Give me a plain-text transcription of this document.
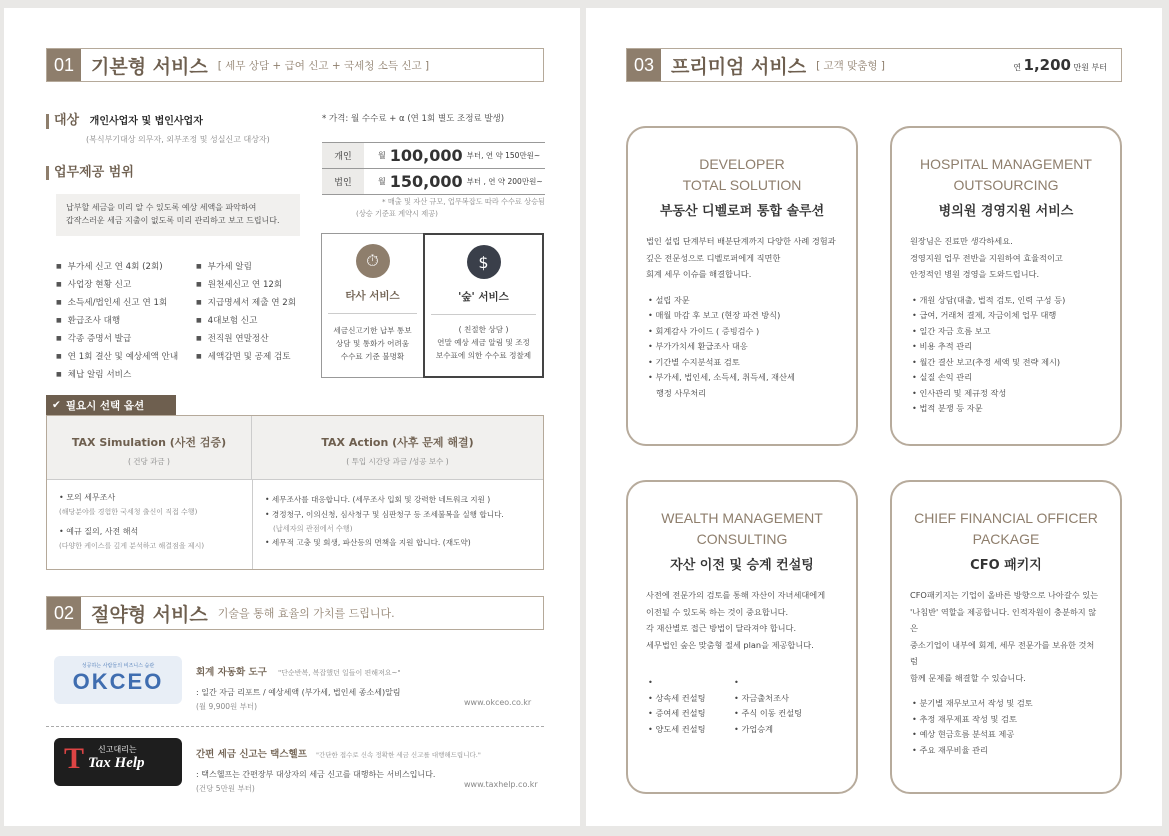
01 기본형 서비스 [ 세무 상담 + 급여 신고 + 국세청 소득 신고 ]
대상 개인사업자 및 법인사업자
(복식부기대상 의무자, 외부조정 및 성실신고 대상자)
업무제공 범위
납부할 세금을 미리 알 수 있도록 예상 세액을 파악하여
갑작스러운 세금 지출이 없도록 미리 관리하고 보고 드립니다.
* 가격: 월 수수료 + α (연 1회 별도 조정료 발생)
* 매출 및 자산 규모, 업무복잡도 따라 수수료 상승됨
(상승 기준표 계약시 제공)
⏱
타사 서비스
세금신고기한 납부 통보
상담 및 통화가 어려움
수수료 기준 불명확
$
'숲' 서비스
( 친절한 상담 )
연말 예상 세금 알림 및 조정
보수표에 의한 수수료 정찰제
✔ 필요시 선택 옵션
TAX Simulation (사전 검증)
( 건당 과금 )
TAX Action (사후 문제 해결)
( 투입 시간당 과금 /성공 보수 )
• 모의 세무조사
(해당분야를 경험한 국세청 출신이 직접 수행)
• 예규 질의, 사전 해석
(다양한 케이스를 깊게 분석하고 해결점을 제시)
• 세무조사를 대응합니다. (세무조사 입회 및 강력한 네트워크 지원 )
• 경정청구, 이의신청, 심사청구 및 심판청구 등 조세불복을 실행 합니다.
(납세자의 관점에서 수행)
• 세무적 고충 및 회생, 파산등의 면책을 지원 합니다. (재도약)
02 절약형 서비스 기술을 통해 효율의 가치를 드립니다.
성공하는 사람들의 비즈니스 습관
OKCEO	회계 자동화 도구 "단순반복, 복잡했던 일들이 편해져요~"
: 일간 자금 리포트 / 예상세액 (부가세, 법인세 종소세)알림
(월 9,900원 부터)	www.okceo.co.kr
T 신고대리는
Tax Help
간편 세금 신고는 택스헬프 "간단한 접수로 신속 정확한 세금 신고를 대행해드립니다."
: 택스헬프는 간편장부 대상자의 세금 신고를 대행하는 서비스입니다.
(건당 5만원 부터)	www.taxhelp.co.kr
■ 부가세 신고 연 4회 (2회)
■ 사업장 현황 신고
■ 소득세/법인세 신고 연 1회
■ 환급조사 대행
■ 각종 증명서 발급
■ 연 1회 결산 및 예상세액 안내
■ 체납 알림 서비스
■ 부가세 알림
■ 원천세신고 연 12회
■ 지급명세서 제출 연 2회
■ 4대보험 신고
■ 전직원 연말정산
■ 세액감면 및 공제 검토
개인	월 100,000 부터, 연 약 150만원~
법인	월 150,000 부터 , 연 약 200만원~
03 프리미엄 서비스 [ 고객 맞춤형 ]	연 1,200 만원 부터
DEVELOPER
TOTAL SOLUTION
부동산 디벨로퍼 통합 솔루션
법인 설립 단계부터 배분단계까지 다양한 사례 경험과
깊은 전문성으로 디벨로퍼에게 직면한
회계 세무 이슈를 해결합니다.
• 설립 자문
• 매월 마감 후 보고 (현장 파견 방식)
• 회계감사 가이드 ( 증빙검수 )
• 부가가치세 환급조사 대응
• 기간별 수지분석표 검토
• 부가세, 법인세, 소득세, 취득세, 재산세
행정 사무처리
HOSPITAL MANAGEMENT
OUTSOURCING
병의원 경영지원 서비스
원장님은 진료만 생각하세요.
경영지원 업무 전반을 지원하여 효율적이고
안정적인 병원 경영을 도와드립니다.
• 개원 상담(대출, 법적 검토, 인력 구성 등)
• 급여, 거래처 결제, 자금이체 업무 대행
• 일간 자금 흐름 보고
• 비용 추적 관리
• 월간 결산 보고(추정 세액 및 전략 제시)
• 실질 손익 관리
• 인사관리 및 제규정 작성
• 법적 분쟁 등 자문
WEALTH MANAGEMENT
CONSULTING
자산 이전 및 승계 컨설팅
사전에 전문가의 검토를 통해 자산이 자녀세대에게
이전될 수 있도록 하는 것이 중요합니다.
각 재산별로 접근 방법이 달라져야 합니다.
세무법인 숲은 맞춤형 절세 plan을 제공합니다.
• • 상속세 컨설팅
• 증여세 컨설팅
• 양도세 컨설팅
• • 자금출처조사
• 주식 이동 컨설팅
• 가업승계
CHIEF FINANCIAL OFFICER
PACKAGE
CFO 패키지
CFO패키지는 기업이 올바른 방향으로 나아갈수 있는
'나침반' 역할을 제공합니다. 인적자원이 충분하지 않은
중소기업이 내부에 회계, 세무 전문가를 보유한 것처럼
함께 문제를 해결할 수 있습니다.
• 분기별 재무보고서 작성 및 검토
• 추정 재무제표 작성 및 검토
• 예상 현금흐름 분석표 제공
• 주요 재무비율 관리
